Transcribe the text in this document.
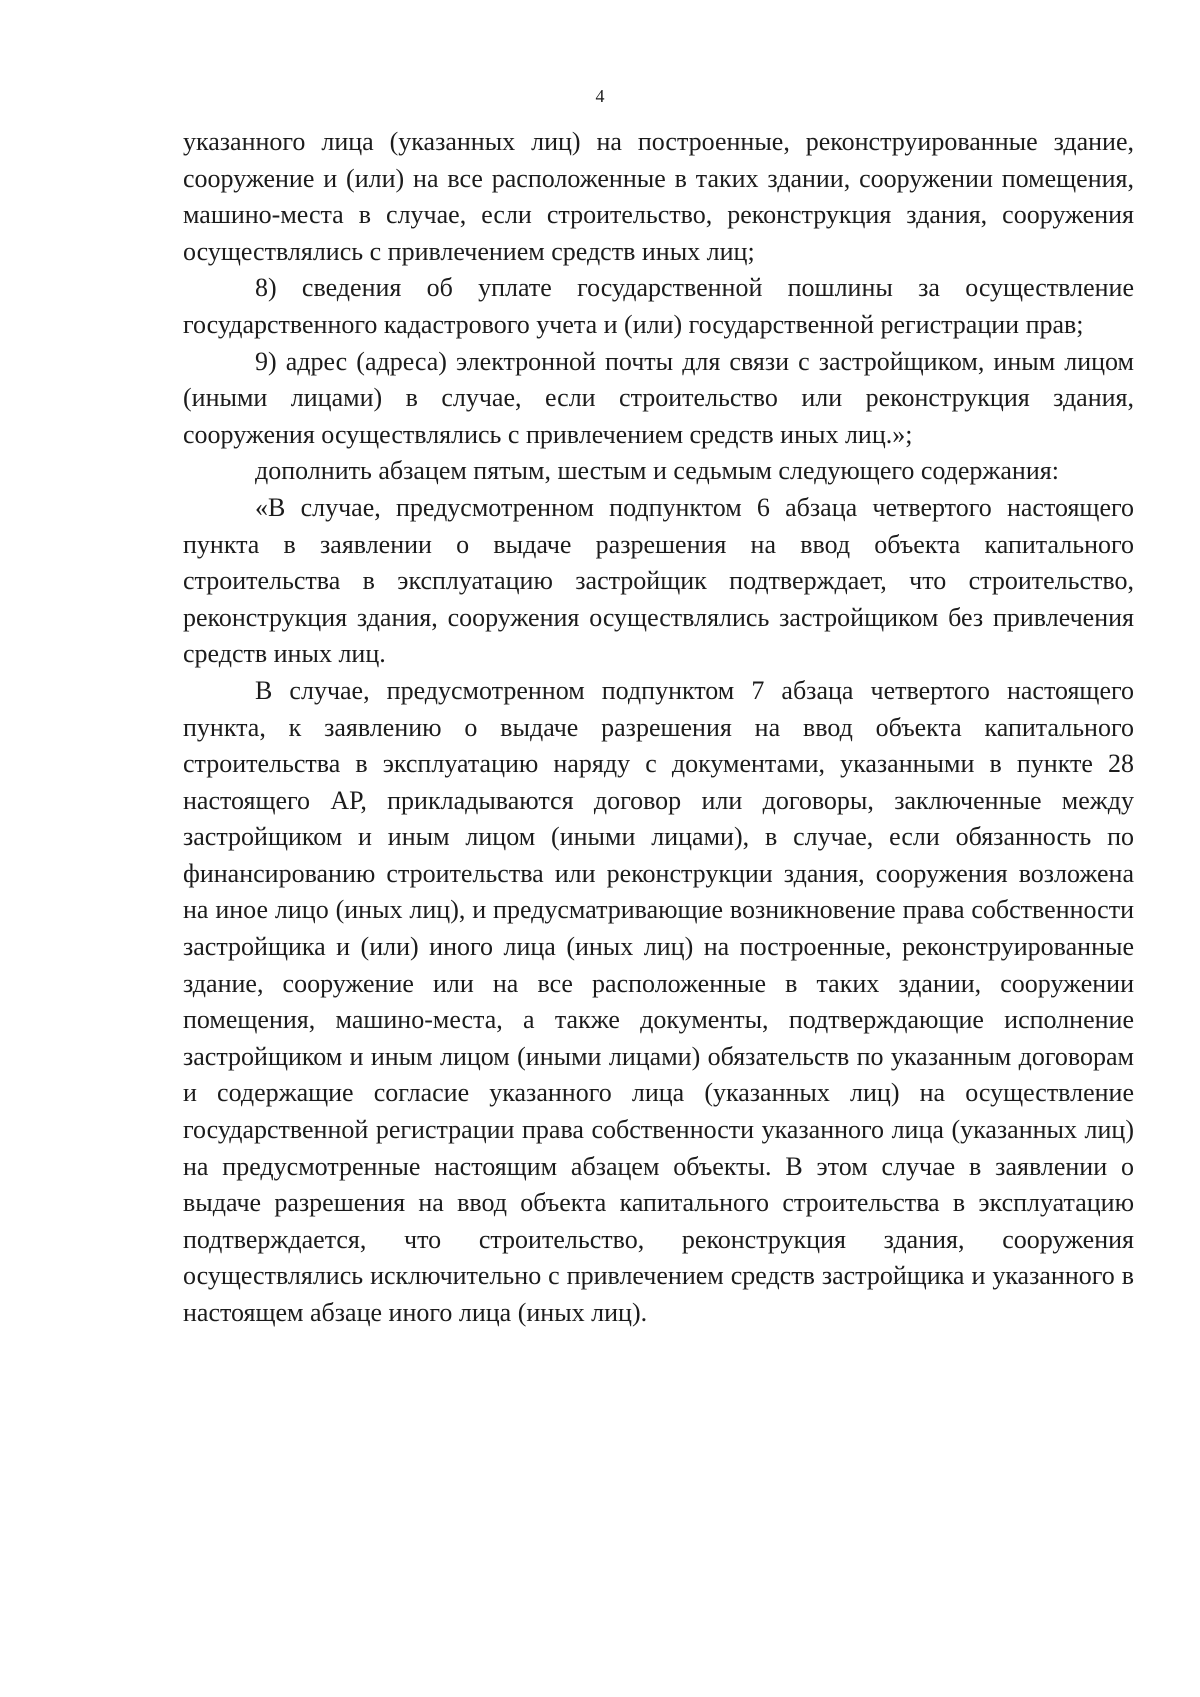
4

указанного лица (указанных лиц) на построенные, реконструированные здание, сооружение и (или) на все расположенные в таких здании, сооружении помещения, машино-места в случае, если строительство, реконструкция здания, сооружения осуществлялись с привлечением средств иных лиц;

8) сведения об уплате государственной пошлины за осуществление государственного кадастрового учета и (или) государственной регистрации прав;

9) адрес (адреса) электронной почты для связи с застройщиком, иным лицом (иными лицами) в случае, если строительство или реконструкция здания, сооружения осуществлялись с привлечением средств иных лиц.»;

дополнить абзацем пятым, шестым и седьмым следующего содержания:

«В случае, предусмотренном подпунктом 6 абзаца четвертого настоящего пункта в заявлении о выдаче разрешения на ввод объекта капитального строительства в эксплуатацию застройщик подтверждает, что строительство, реконструкция здания, сооружения осуществлялись застройщиком без привлечения средств иных лиц.

В случае, предусмотренном подпунктом 7 абзаца четвертого настоящего пункта, к заявлению о выдаче разрешения на ввод объекта капитального строительства в эксплуатацию наряду с документами, указанными в пункте 28 настоящего АР, прикладываются договор или договоры, заключенные между застройщиком и иным лицом (иными лицами), в случае, если обязанность по финансированию строительства или реконструкции здания, сооружения возложена на иное лицо (иных лиц), и предусматривающие возникновение права собственности застройщика и (или) иного лица (иных лиц) на построенные, реконструированные здание, сооружение или на все расположенные в таких здании, сооружении помещения, машино-места, а также документы, подтверждающие исполнение застройщиком и иным лицом (иными лицами) обязательств по указанным договорам и содержащие согласие указанного лица (указанных лиц) на осуществление государственной регистрации права собственности указанного лица (указанных лиц) на предусмотренные настоящим абзацем объекты. В этом случае в заявлении о выдаче разрешения на ввод объекта капитального строительства в эксплуатацию подтверждается, что строительство, реконструкция здания, сооружения осуществлялись исключительно с привлечением средств застройщика и указанного в настоящем абзаце иного лица (иных лиц).
